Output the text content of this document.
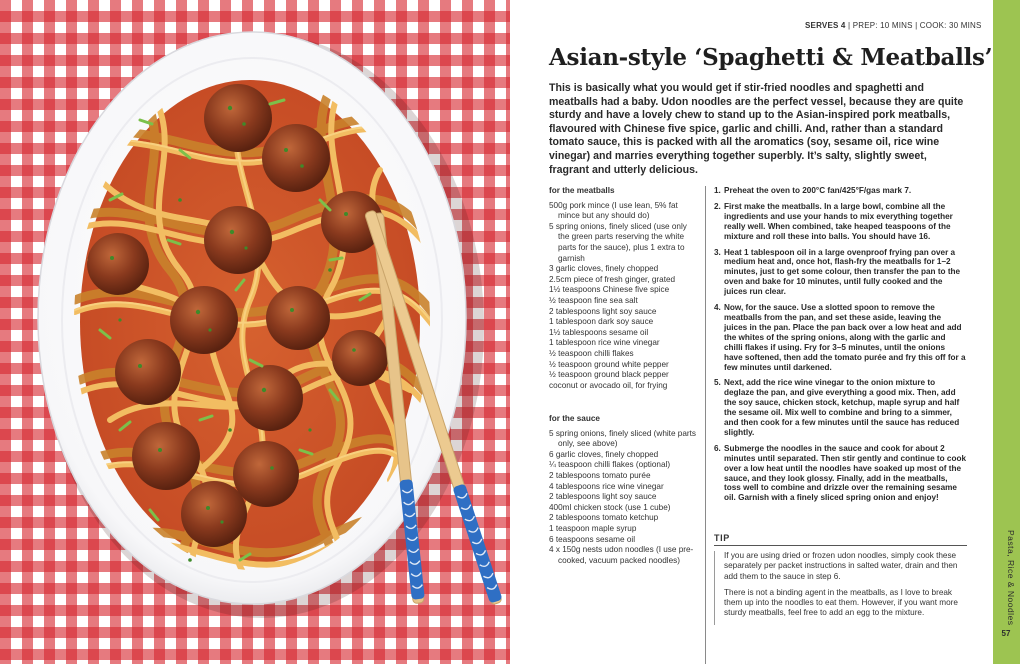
SERVES 4 | PREP: 10 MINS | COOK: 30 MINS
Asian-style ‘Spaghetti & Meatballs’

This is basically what you would get if stir-fried noodles and spaghetti and meatballs had a baby. Udon noodles are the perfect vessel, because they are quite sturdy and have a lovely chew to stand up to the Asian-inspired pork meatballs, flavoured with Chinese five spice, garlic and chilli. And, rather than a standard tomato sauce, this is packed with all the aromatics (soy, sesame oil, rice wine vinegar) and marries everything together superbly. It’s salty, slightly sweet, fragrant and utterly delicious.

for the meatballs
500g pork mince (I use lean, 5% fat mince but any should do)
5 spring onions, finely sliced (use only the green parts reserving the white parts for the sauce), plus 1 extra to garnish
3 garlic cloves, finely chopped
2.5cm piece of fresh ginger, grated
1½ teaspoons Chinese five spice
½ teaspoon fine sea salt
2 tablespoons light soy sauce
1 tablespoon dark soy sauce
1½ tablespoons sesame oil
1 tablespoon rice wine vinegar
½ teaspoon chilli flakes
½ teaspoon ground white pepper
½ teaspoon ground black pepper
coconut or avocado oil, for frying
for the sauce
5 spring onions, finely sliced (white parts only, see above)
6 garlic cloves, finely chopped
¼ teaspoon chilli flakes (optional)
2 tablespoons tomato purée
4 tablespoons rice wine vinegar
2 tablespoons light soy sauce
400ml chicken stock (use 1 cube)
2 tablespoons tomato ketchup
1 teaspoon maple syrup
6 teaspoons sesame oil
4 x 150g nests udon noodles (I use pre-cooked, vacuum packed noodles)
1. Preheat the oven to 200°C fan/425°F/gas mark 7.
2. First make the meatballs. In a large bowl, combine all the ingredients and use your hands to mix everything together really well. When combined, take heaped teaspoons of the mixture and roll these into balls. You should have 16.
3. Heat 1 tablespoon oil in a large ovenproof frying pan over a medium heat and, once hot, flash-fry the meatballs for 1–2 minutes, just to get some colour, then transfer the pan to the oven and bake for 10 minutes, until fully cooked and the juices run clear.
4. Now, for the sauce. Use a slotted spoon to remove the meatballs from the pan, and set these aside, leaving the juices in the pan. Place the pan back over a low heat and add the whites of the spring onions, along with the garlic and chilli flakes if using. Fry for 3–5 minutes, until the onions have softened, then add the tomato purée and fry this off for a few minutes until darkened.
5. Next, add the rice wine vinegar to the onion mixture to deglaze the pan, and give everything a good mix. Then, add the soy sauce, chicken stock, ketchup, maple syrup and half the sesame oil. Mix well to combine and bring to a simmer, and then cook for a few minutes until the sauce has reduced slightly.
6. Submerge the noodles in the sauce and cook for about 2 minutes until separated. Then stir gently and continue to cook over a low heat until the noodles have soaked up most of the sauce, and they look glossy. Finally, add in the meatballs, toss well to combine and drizzle over the remaining sesame oil. Garnish with a finely sliced spring onion and enjoy!
TIP

If you are using dried or frozen udon noodles, simply cook these separately per packet instructions in salted water, drain and then add them to the sauce in step 6.

There is not a binding agent in the meatballs, as I love to break them up into the noodles to eat them. However, if you want more sturdy meatballs, feel free to add an egg to the mixture.	Pasta, Rice & Noodles
57
